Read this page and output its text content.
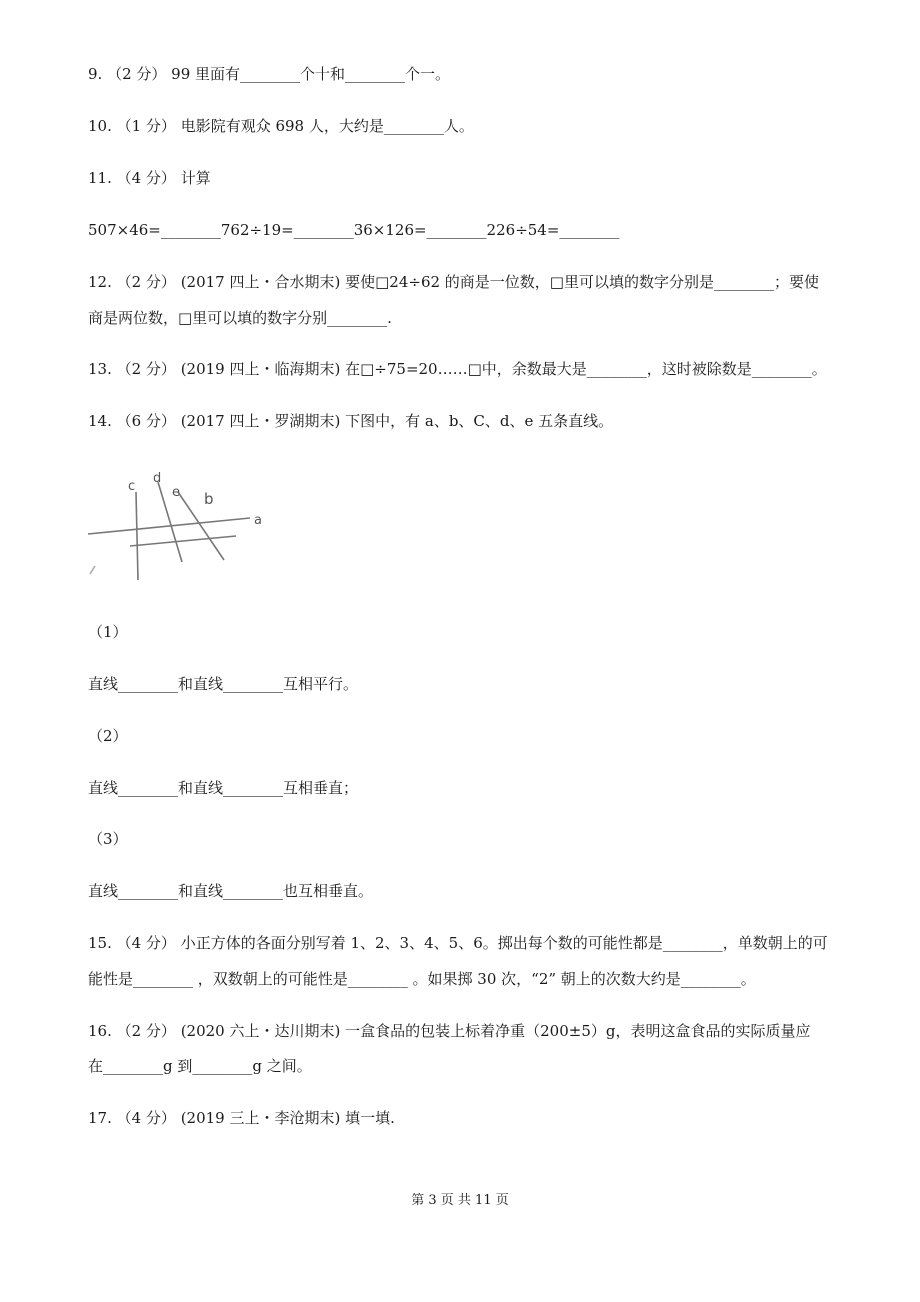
9. （2 分） 99 里面有________个十和________个一。
10. （1 分） 电影院有观众 698 人，大约是________人。
11. （4 分） 计算
507×46=________762÷19=________36×126=________226÷54=________
12. （2 分） (2017 四上・合水期末) 要使□24÷62 的商是一位数，□里可以填的数字分别是________；要使
商是两位数，□里可以填的数字分别________.
13. （2 分） (2019 四上・临海期末) 在□÷75=20……□中，余数最大是________，这时被除数是________。
14. （6 分） (2017 四上・罗湖期末) 下图中，有 a、b、C、d、e 五条直线。
c
d
e b
a
（1）
直线________和直线________互相平行。
（2）
直线________和直线________互相垂直；
（3）
直线________和直线________也互相垂直。
15. （4 分） 小正方体的各面分别写着 1、2、3、4、5、6。掷出每个数的可能性都是________，单数朝上的可
能性是________ ，双数朝上的可能性是________ 。如果掷 30 次，“2” 朝上的次数大约是________。
16. （2 分） (2020 六上・达川期末) 一盒食品的包装上标着净重（200±5）g，表明这盒食品的实际质量应
在________g 到________g 之间。
17. （4 分） (2019 三上・李沧期末) 填一填.
第 3 页 共 11 页
